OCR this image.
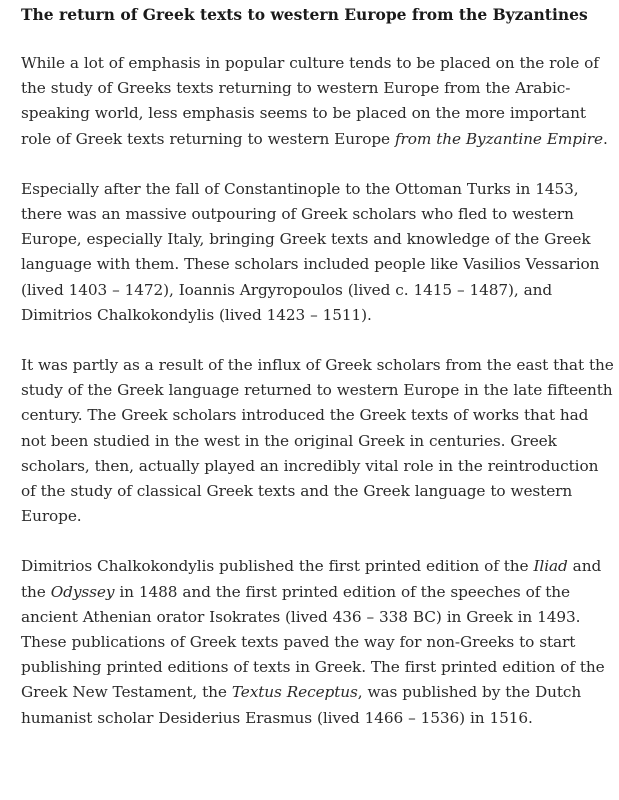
The return of Greek texts to western Europe from the Byzantines

While a lot of emphasis in popular culture tends to be placed on the role of the study of Greeks texts returning to western Europe from the Arabic-speaking world, less emphasis seems to be placed on the more important role of Greek texts returning to western Europe from the Byzantine Empire.

Especially after the fall of Constantinople to the Ottoman Turks in 1453, there was an massive outpouring of Greek scholars who fled to western Europe, especially Italy, bringing Greek texts and knowledge of the Greek language with them. These scholars included people like Vasilios Vessarion (lived 1403 – 1472), Ioannis Argyropoulos (lived c. 1415 – 1487), and Dimitrios Chalkokondylis (lived 1423 – 1511).

It was partly as a result of the influx of Greek scholars from the east that the study of the Greek language returned to western Europe in the late fifteenth century. The Greek scholars introduced the Greek texts of works that had not been studied in the west in the original Greek in centuries. Greek scholars, then, actually played an incredibly vital role in the reintroduction of the study of classical Greek texts and the Greek language to western Europe.

Dimitrios Chalkokondylis published the first printed edition of the Iliad and the Odyssey in 1488 and the first printed edition of the speeches of the ancient Athenian orator Isokrates (lived 436 – 338 BC) in Greek in 1493. These publications of Greek texts paved the way for non-Greeks to start publishing printed editions of texts in Greek. The first printed edition of the Greek New Testament, the Textus Receptus, was published by the Dutch humanist scholar Desiderius Erasmus (lived 1466 – 1536) in 1516.
